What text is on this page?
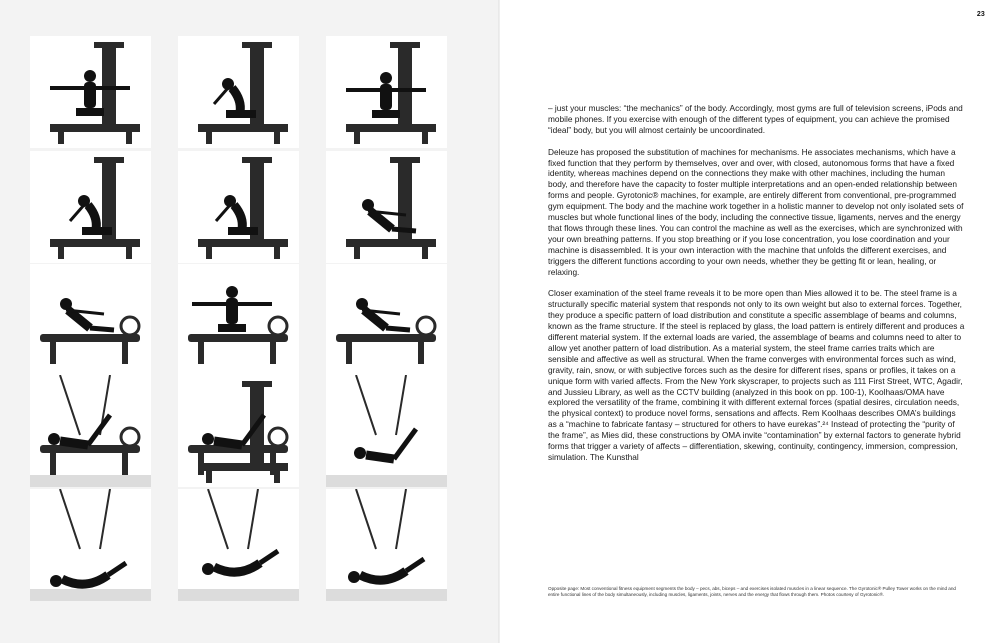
23

– just your muscles: “the mechanics” of the body. Accordingly, most gyms are full of television screens, iPods and mobile phones. If you exercise with enough of the different types of equipment, you can achieve the promised “ideal” body, but you will almost certainly be uncoordinated.

Deleuze has proposed the substitution of machines for mechanisms. He associates mechanisms, which have a fixed function that they perform by themselves, over and over, with closed, autonomous forms that have a fixed identity, whereas machines depend on the connections they make with other machines, including the human body, and therefore have the capacity to foster multiple interpretations and an open-ended relationship between forms and people. Gyrotonic® machines, for example, are entirely different from conventional, pre-programmed gym equipment. The body and the machine work together in a holistic manner to develop not only isolated sets of muscles but whole functional lines of the body, including the connective tissue, ligaments, nerves and the energy that flows through these lines. You can control the machine as well as the exercises, which are synchronized with your own breathing patterns. If you stop breathing or if you lose concentration, you lose coordination and your machine is disassembled. It is your own interaction with the machine that unfolds the different exercises, and triggers the different functions according to your own needs, whether they be getting fit or lean, healing, or relaxing.

Closer examination of the steel frame reveals it to be more open than Mies allowed it to be. The steel frame is a structurally specific material system that responds not only to its own weight but also to external forces. Together, they produce a specific pattern of load distribution and constitute a specific assemblage of beams and columns, known as the frame structure. If the steel is replaced by glass, the load pattern is entirely different and produces a different material system. If the external loads are varied, the assemblage of beams and columns need to alter to allow yet another pattern of load distribution. As a material system, the steel frame carries traits which are sensible and affective as well as structural. When the frame converges with environmental forces such as wind, gravity, rain, snow, or with subjective forces such as the desire for different rises, spans or profiles, it takes on a unique form with varied affects. From the New York skyscraper, to projects such as 111 First Street, WTC, Agadir, and Jussieu Library, as well as the CCTV building (analyzed in this book on pp. 100-1), Koolhaas/OMA have explored the versatility of the frame, combining it with different external forces (spatial desires, circulation needs, the physical context) to produce novel forms, sensations and affects. Rem Koolhaas describes OMA’s buildings as a “machine to fabricate fantasy – structured for others to have eurekas”.²⁴ Instead of protecting the “purity of the frame”, as Mies did, these constructions by OMA invite “contamination” by external factors to generate hybrid forms that trigger a variety of affects – differentiation, skewing, continuity, contingency, immersion, compression, simulation. The Kunsthal

Opposite page: Most conventional fitness equipment segments the body – pecs, abs, biceps – and exercises isolated muscles in a linear sequence. The Gyrotonic® Pulley Tower works on the mind and entire functional lines of the body simultaneously, including muscles, ligaments, joints, nerves and the energy that flows through them. Photos courtesy of Gyrotonic®.
